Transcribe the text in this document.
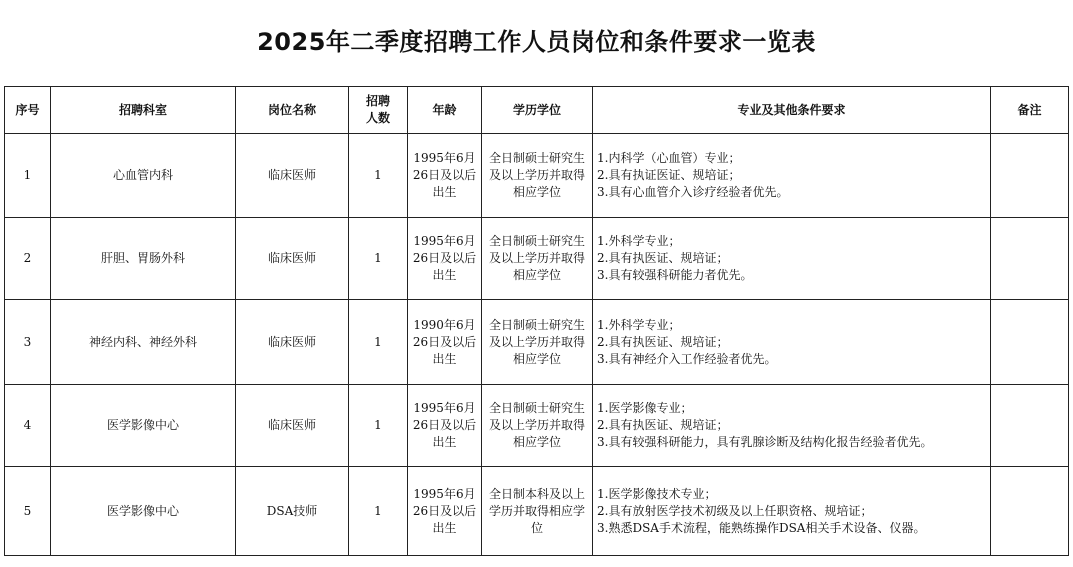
2025年二季度招聘工作人员岗位和条件要求一览表
序号	招聘科室	岗位名称	招聘人数	年龄	学历学位	专业及其他条件要求	备注
1	心血管内科	临床医师	1	1995年6月26日及以后出生	全日制硕士研究生及以上学历并取得相应学位	1.内科学（心血管）专业；
2.具有执证医证、规培证；
3.具有心血管介入诊疗经验者优先。	

2	肝胆、胃肠外科	临床医师	1	1995年6月26日及以后出生	全日制硕士研究生及以上学历并取得相应学位	1.外科学专业；
2.具有执医证、规培证；
3.具有较强科研能力者优先。	

3	神经内科、神经外科	临床医师	1	1990年6月26日及以后出生	全日制硕士研究生及以上学历并取得相应学位	1.外科学专业；
2.具有执医证、规培证；
3.具有神经介入工作经验者优先。	

4	医学影像中心	临床医师	1	1995年6月26日及以后出生	全日制硕士研究生及以上学历并取得相应学位	1.医学影像专业；
2.具有执医证、规培证；
3.具有较强科研能力，具有乳腺诊断及结构化报告经验者优先。	

5	医学影像中心	DSA技师	1	1995年6月26日及以后出生	全日制本科及以上学历并取得相应学位	1.医学影像技术专业；
2.具有放射医学技术初级及以上任职资格、规培证；
3.熟悉DSA手术流程，能熟练操作DSA相关手术设备、仪器。	
